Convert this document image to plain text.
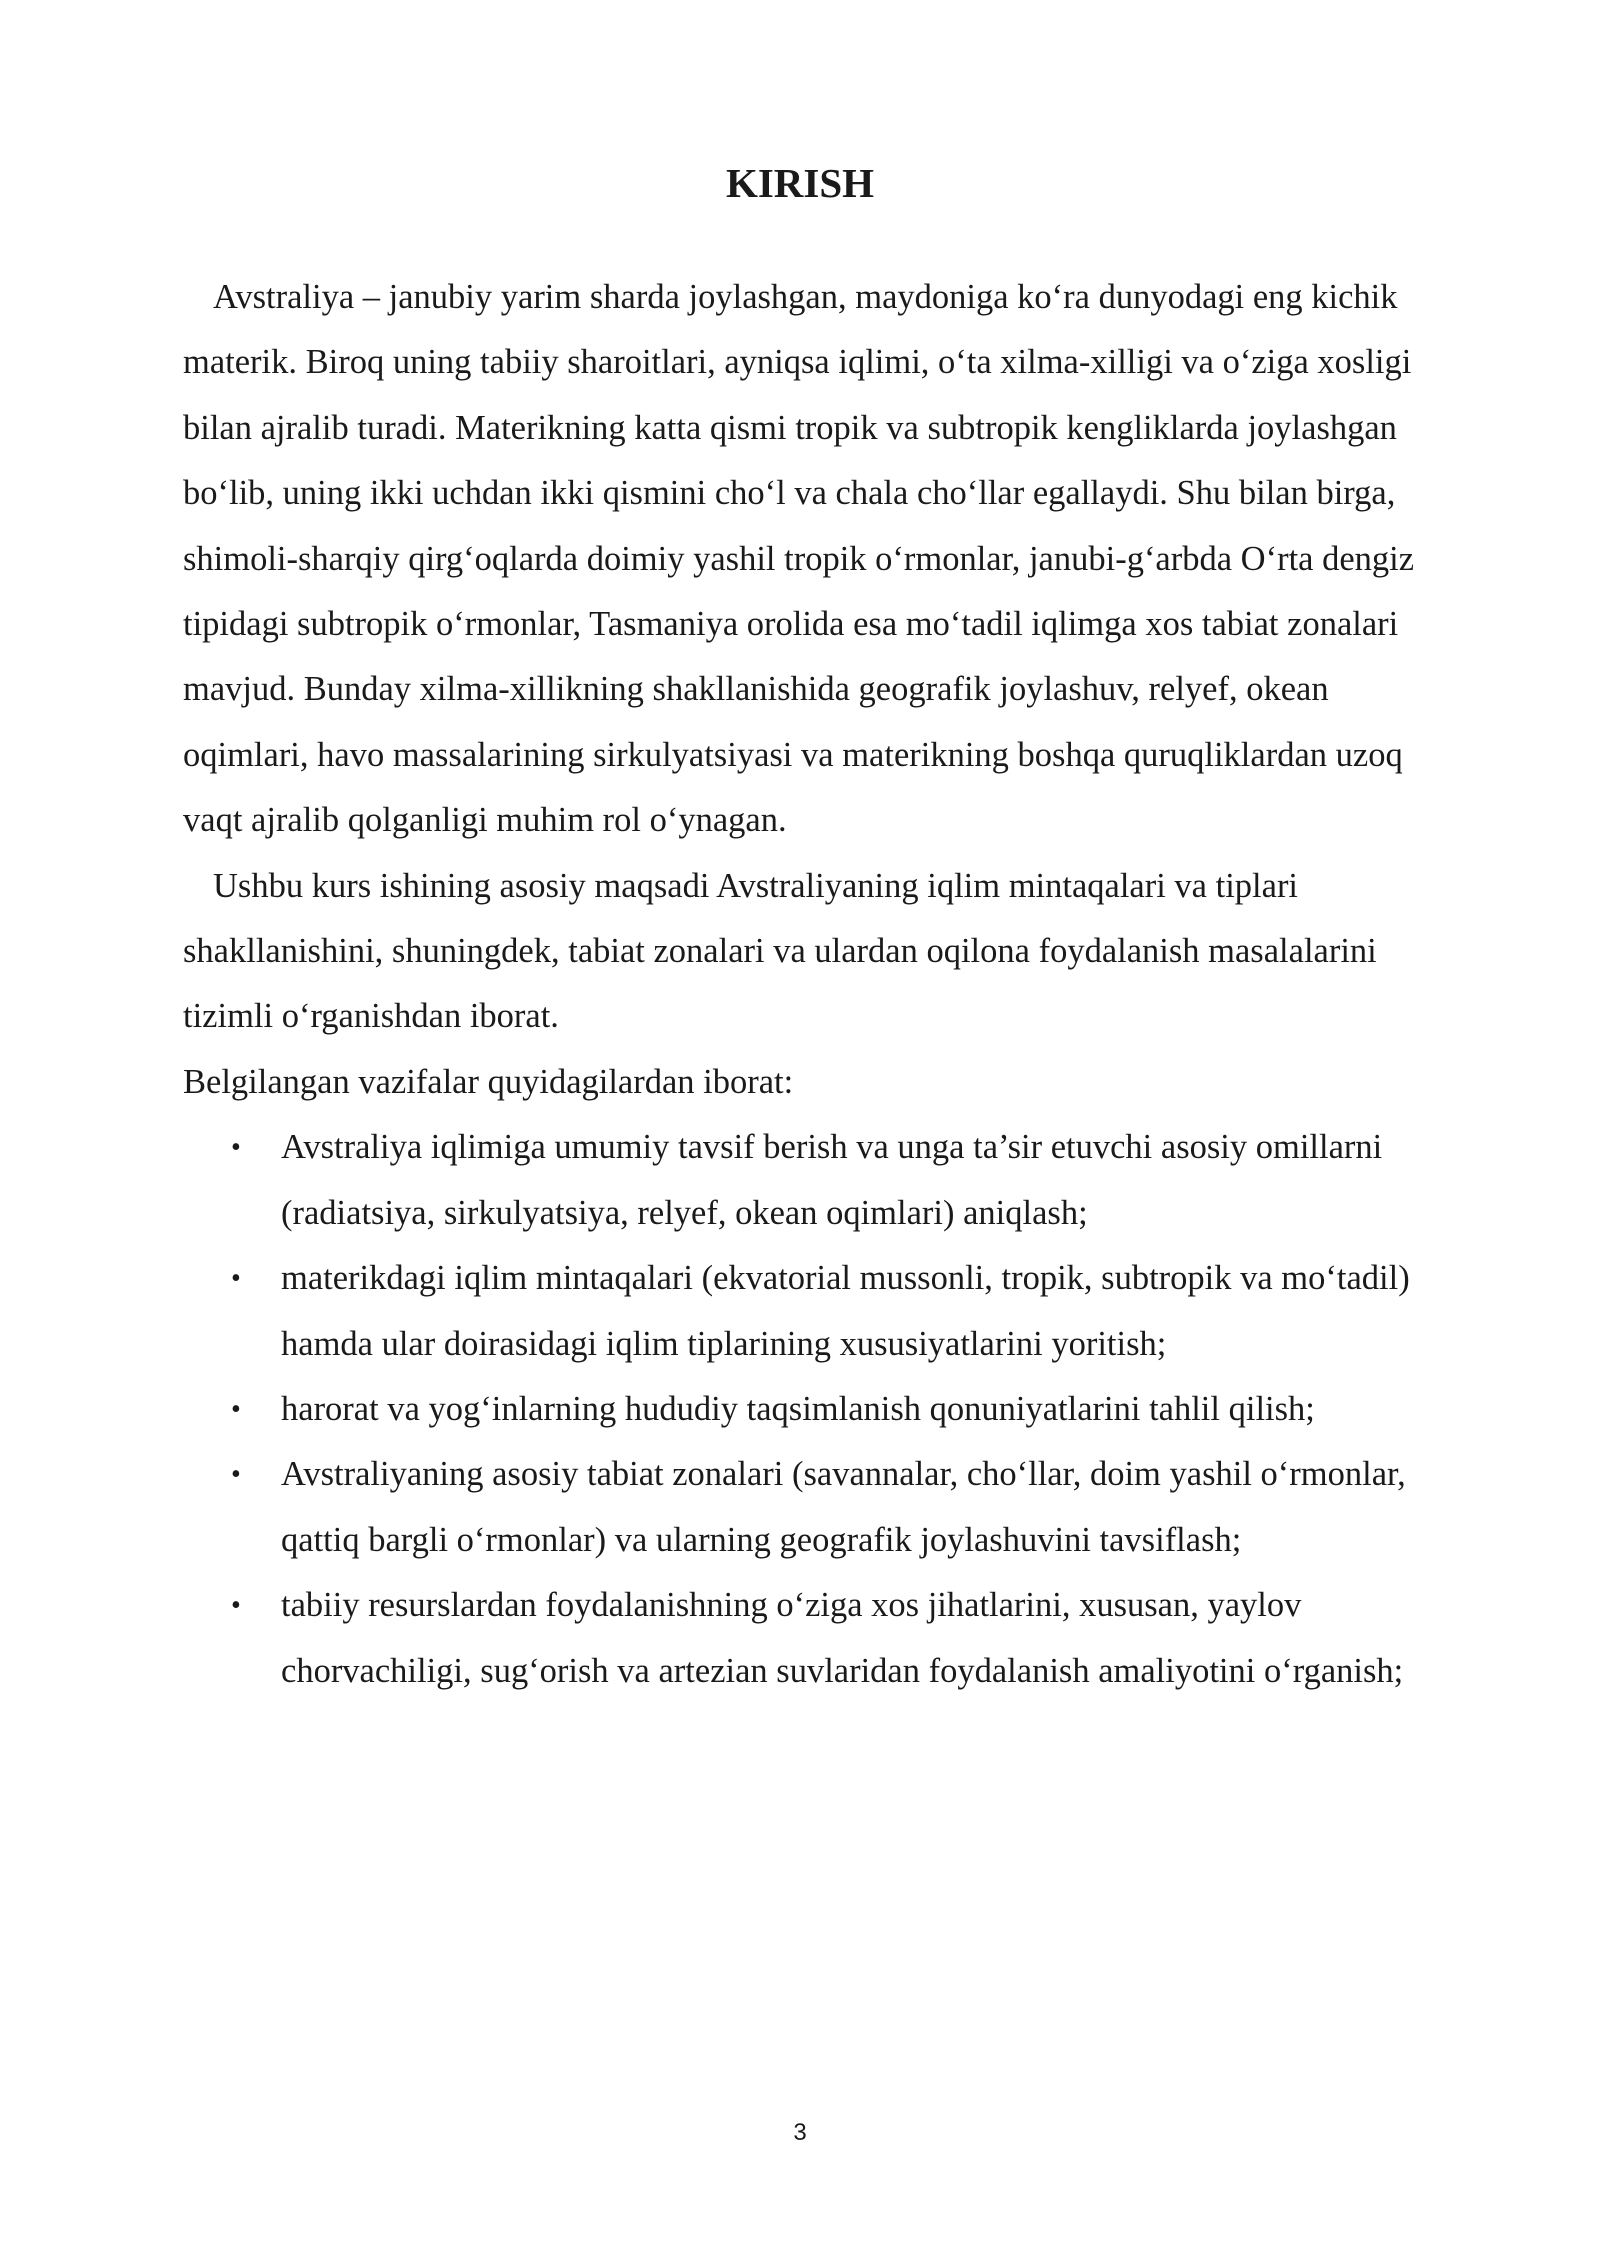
KIRISH

Avstraliya – janubiy yarim sharda joylashgan, maydoniga ko‘ra dunyodagi eng kichik materik. Biroq uning tabiiy sharoitlari, ayniqsa iqlimi, o‘ta xilma-xilligi va o‘ziga xosligi bilan ajralib turadi. Materikning katta qismi tropik va subtropik kengliklarda joylashgan bo‘lib, uning ikki uchdan ikki qismini cho‘l va chala cho‘llar egallaydi. Shu bilan birga, shimoli-sharqiy qirg‘oqlarda doimiy yashil tropik o‘rmonlar, janubi-g‘arbda O‘rta dengiz tipidagi subtropik o‘rmonlar, Tasmaniya orolida esa mo‘tadil iqlimga xos tabiat zonalari mavjud. Bunday xilma-xillikning shakllanishida geografik joylashuv, relyef, okean oqimlari, havo massalarining sirkulyatsiyasi va materikning boshqa quruqliklardan uzoq vaqt ajralib qolganligi muhim rol o‘ynagan.

Ushbu kurs ishining asosiy maqsadi Avstraliyaning iqlim mintaqalari va tiplari shakllanishini, shuningdek, tabiat zonalari va ulardan oqilona foydalanish masalalarini tizimli o‘rganishdan iborat.

Belgilangan vazifalar quyidagilardan iborat:

• Avstraliya iqlimiga umumiy tavsif berish va unga ta’sir etuvchi asosiy omillarni (radiatsiya, sirkulyatsiya, relyef, okean oqimlari) aniqlash;
• materikdagi iqlim mintaqalari (ekvatorial mussonli, tropik, subtropik va mo‘tadil) hamda ular doirasidagi iqlim tiplarining xususiyatlarini yoritish;
• harorat va yog‘inlarning hududiy taqsimlanish qonuniyatlarini tahlil qilish;
• Avstraliyaning asosiy tabiat zonalari (savannalar, cho‘llar, doim yashil o‘rmonlar, qattiq bargli o‘rmonlar) va ularning geografik joylashuvini tavsiflash;
• tabiiy resurslardan foydalanishning o‘ziga xos jihatlarini, xususan, yaylov chorvachiligi, sug‘orish va artezian suvlaridan foydalanish amaliyotini o‘rganish;
3
